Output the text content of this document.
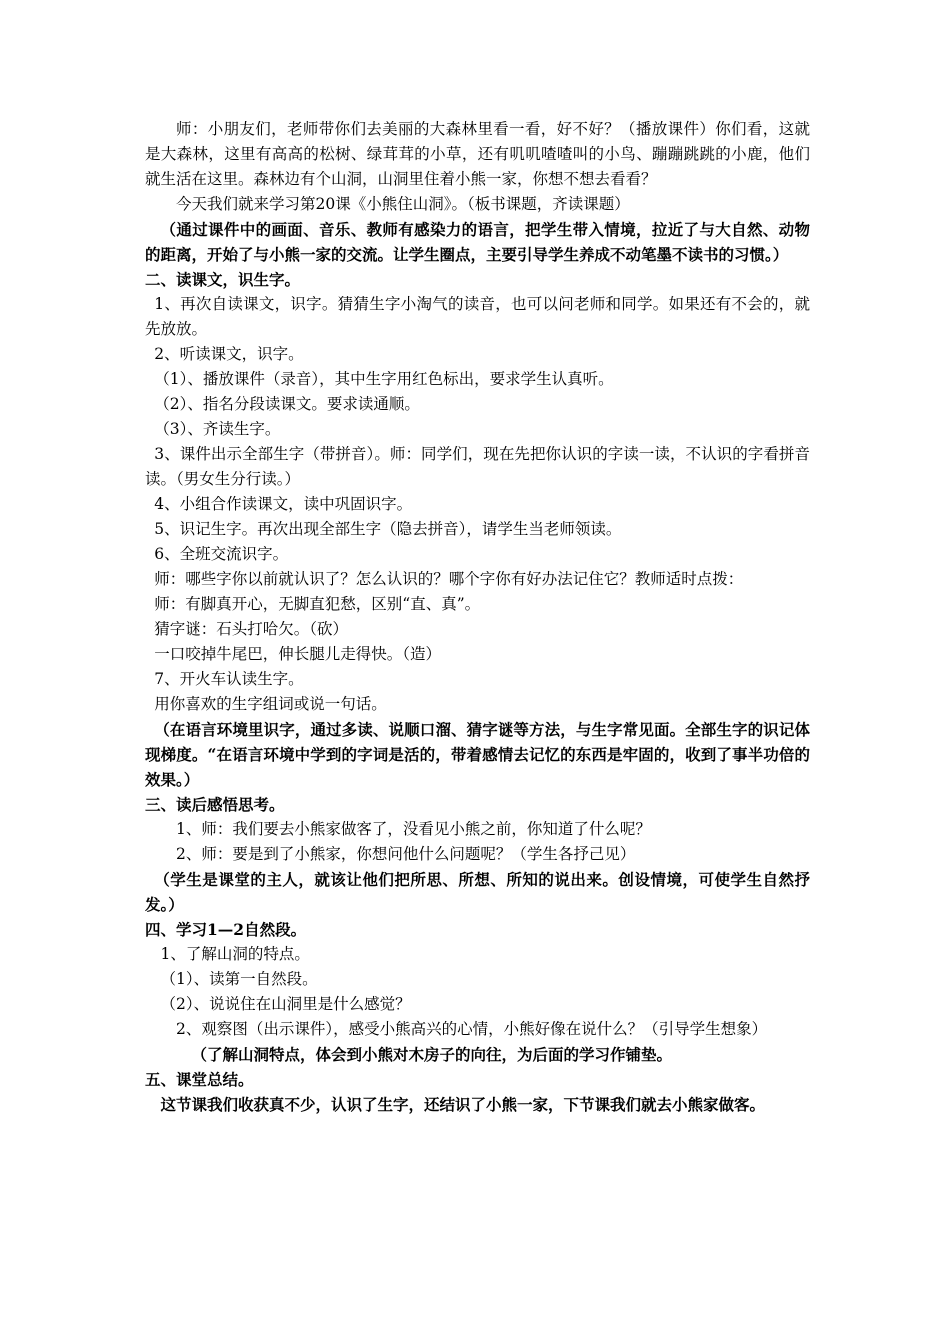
师：小朋友们，老师带你们去美丽的大森林里看一看，好不好？（播放课件）你们看，这就是大森林，这里有高高的松树、绿茸茸的小草，还有叽叽喳喳叫的小鸟、蹦蹦跳跳的小鹿，他们就生活在这里。森林边有个山洞，山洞里住着小熊一家，你想不想去看看？

今天我们就来学习第20课《小熊住山洞》。（板书课题，齐读课题）

（通过课件中的画面、音乐、教师有感染力的语言，把学生带入情境，拉近了与大自然、动物的距离，开始了与小熊一家的交流。让学生圈点，主要引导学生养成不动笔墨不读书的习惯。）

二、读课文，识生字。

1、再次自读课文，识字。猜猜生字小淘气的读音，也可以问老师和同学。如果还有不会的，就先放放。

2、听读课文，识字。

（1）、播放课件（录音），其中生字用红色标出，要求学生认真听。

（2）、指名分段读课文。要求读通顺。

（3）、齐读生字。

3、课件出示全部生字（带拼音）。师：同学们，现在先把你认识的字读一读，不认识的字看拼音读。（男女生分行读。）

4、小组合作读课文，读中巩固识字。

5、识记生字。再次出现全部生字（隐去拼音），请学生当老师领读。

6、全班交流识字。

师：哪些字你以前就认识了？怎么认识的？哪个字你有好办法记住它？教师适时点拨：

师：有脚真开心，无脚直犯愁，区别“直、真”。

猜字谜：石头打哈欠。（砍）

一口咬掉牛尾巴，伸长腿儿走得快。（造）

7、开火车认读生字。

用你喜欢的生字组词或说一句话。

（在语言环境里识字，通过多读、说顺口溜、猜字谜等方法，与生字常见面。全部生字的识记体现梯度。“在语言环境中学到的字词是活的，带着感情去记忆的东西是牢固的，收到了事半功倍的效果。）

三、读后感悟思考。

1、师：我们要去小熊家做客了，没看见小熊之前，你知道了什么呢？

2、师：要是到了小熊家，你想问他什么问题呢？（学生各抒己见）

（学生是课堂的主人，就该让他们把所思、所想、所知的说出来。创设情境，可使学生自然抒发。）

四、学习1—2自然段。

1、了解山洞的特点。

（1）、读第一自然段。

（2）、说说住在山洞里是什么感觉？

2、观察图（出示课件），感受小熊高兴的心情，小熊好像在说什么？（引导学生想象）

（了解山洞特点，体会到小熊对木房子的向往，为后面的学习作铺垫。

五、课堂总结。

这节课我们收获真不少，认识了生字，还结识了小熊一家，下节课我们就去小熊家做客。
